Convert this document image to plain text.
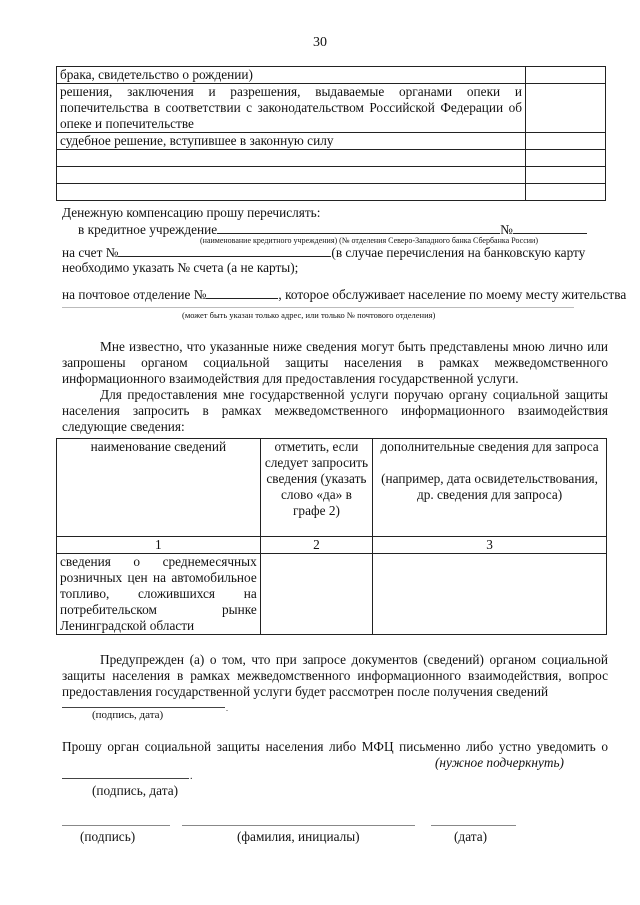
30
брака, свидетельство о рождении)	
решения, заключения и разрешения, выдаваемые органами опеки и попечительства в соответствии с законодательством Российской Федерации об опеке и попечительстве	
судебное решение, вступившее в законную силу	

Денежную компенсацию прошу перечислять:
в кредитное учреждение	№
(наименование кредитного учреждения) (№ отделения Северо-Западного банка Сбербанка России)
на счет №	(в случае перечисления на банковскую карту
необходимо указать № счета (а не карты);
на почтовое отделение №	, которое обслуживает население по моему месту жительства
(может быть указан только адрес, или только № почтового отделения)
Мне известно, что указанные ниже сведения могут быть представлены мною лично или запрошены органом социальной защиты населения в рамках межведомственного информационного взаимодействия для предоставления государственной услуги.
Для предоставления мне государственной услуги поручаю органу социальной защиты населения запросить в рамках межведомственного информационного взаимодействия следующие сведения:
наименование сведений	отметить, если следует запросить сведения (указать слово «да» в графе 2)	дополнительные сведения для запроса
(например, дата освидетельствования, др. сведения для запроса)

1	2	3
сведения о среднемесячных розничных цен на автомобильное топливо, сложившихся на потребительском рынке Ленинградской области		
Предупрежден (а) о том, что при запросе документов (сведений) органом социальной защиты населения в рамках межведомственного информационного взаимодействия, вопрос предоставления государственной услуги будет рассмотрен после получения сведений
.
(подпись, дата)
Прошу орган социальной защиты населения либо МФЦ письменно либо устно уведомить о
(нужное подчеркнуть)
.
(подпись, дата)
(подпись)	(фамилия, инициалы)	(дата)
